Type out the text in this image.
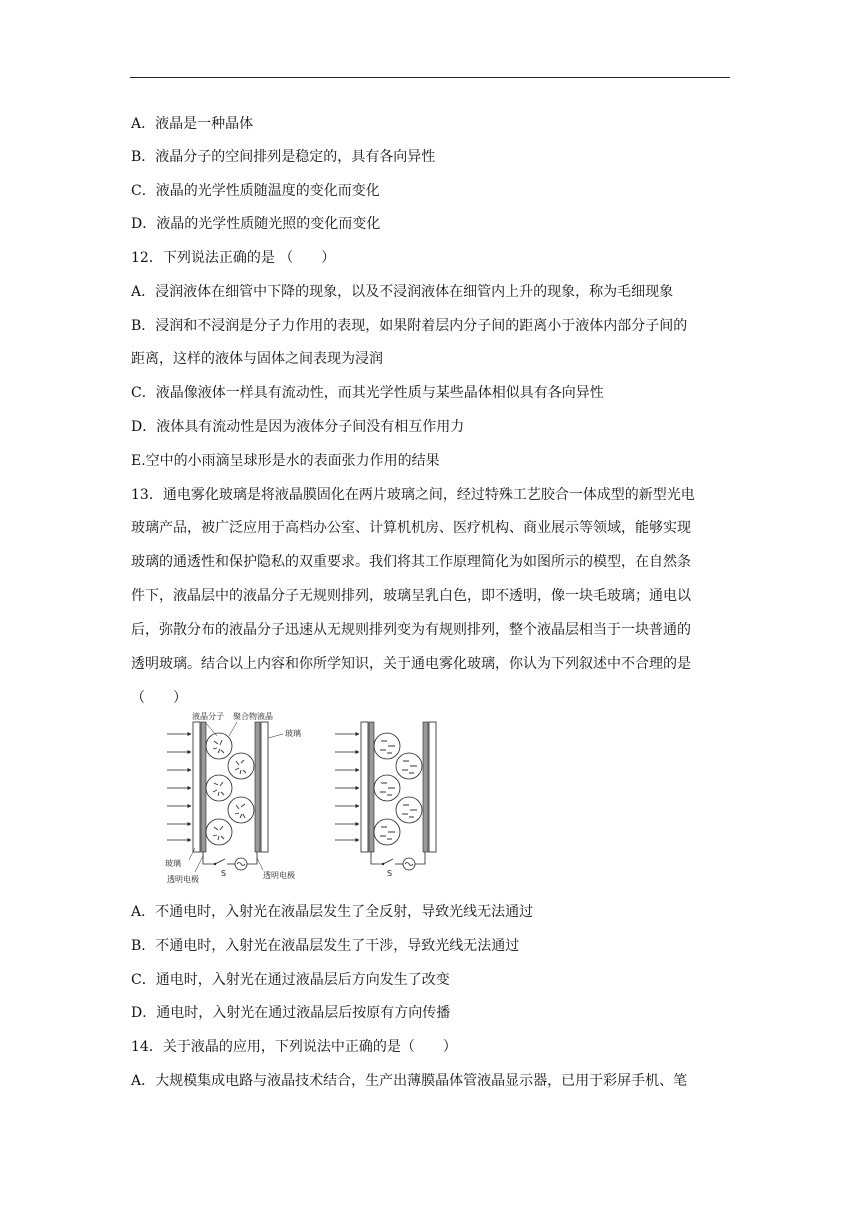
A．液晶是一种晶体
B．液晶分子的空间排列是稳定的，具有各向异性
C．液晶的光学性质随温度的变化而变化
D．液晶的光学性质随光照的变化而变化
12．下列说法正确的是 （　　）
A．浸润液体在细管中下降的现象，以及不浸润液体在细管内上升的现象，称为毛细现象
B．浸润和不浸润是分子力作用的表现，如果附着层内分子间的距离小于液体内部分子间的
距离，这样的液体与固体之间表现为浸润
C．液晶像液体一样具有流动性，而其光学性质与某些晶体相似具有各向异性
D．液体具有流动性是因为液体分子间没有相互作用力
E.空中的小雨滴呈球形是水的表面张力作用的结果
13．通电雾化玻璃是将液晶膜固化在两片玻璃之间，经过特殊工艺胶合一体成型的新型光电
玻璃产品，被广泛应用于高档办公室、计算机机房、医疗机构、商业展示等领域，能够实现
玻璃的通透性和保护隐私的双重要求。我们将其工作原理简化为如图所示的模型，在自然条
件下，液晶层中的液晶分子无规则排列，玻璃呈乳白色，即不透明，像一块毛玻璃；通电以
后，弥散分布的液晶分子迅速从无规则排列变为有规则排列，整个液晶层相当于一块普通的
透明玻璃。结合以上内容和你所学知识，关于通电雾化玻璃，你认为下列叙述中不合理的是
（　　）
A．不通电时，入射光在液晶层发生了全反射，导致光线无法通过
B．不通电时，入射光在液晶层发生了干涉，导致光线无法通过
C．通电时，入射光在通过液晶层后方向发生了改变
D．通电时，入射光在通过液晶层后按原有方向传播
14．关于液晶的应用，下列说法中正确的是（　　）
A．大规模集成电路与液晶技术结合，生产出薄膜晶体管液晶显示器，已用于彩屏手机、笔
液晶分子 聚合物液晶
玻璃
玻璃
透明电极	透明电极
S	S
